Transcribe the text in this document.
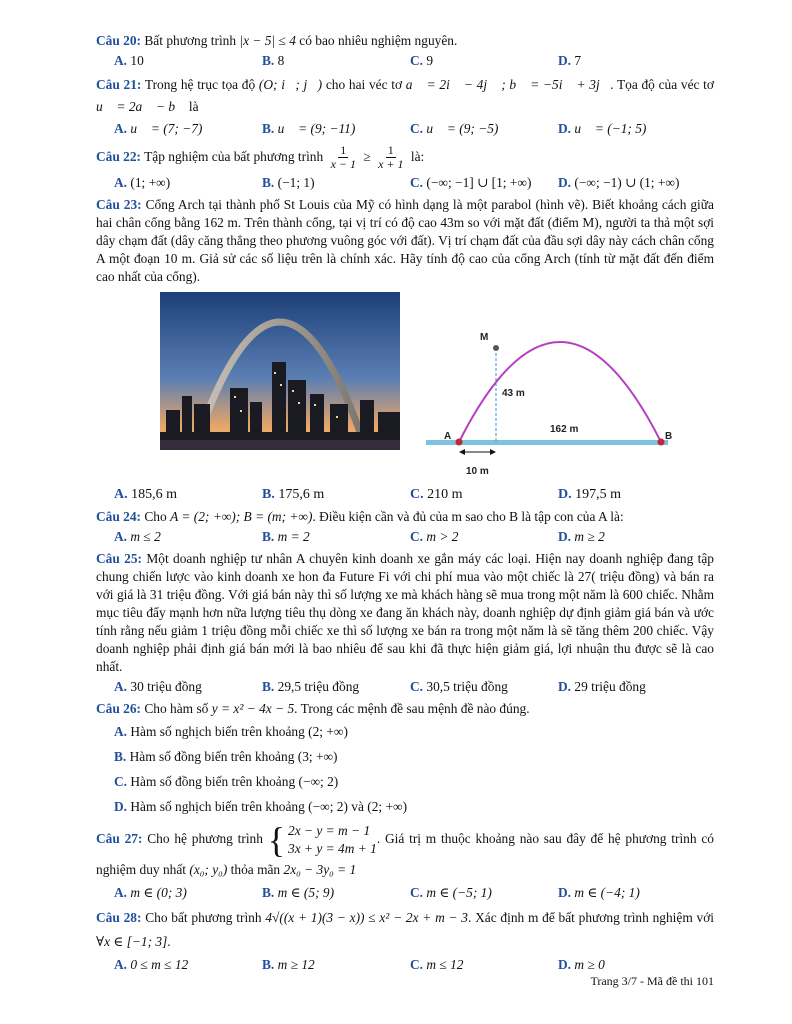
Câu 20: Bất phương trình |x − 5| ≤ 4 có bao nhiêu nghiệm nguyên.

A. 10	B. 8	C. 9	D. 7

Câu 21: Trong hệ trục tọa độ (O; i⃗; j⃗) cho hai véc tơ a⃗ = 2i⃗ − 4j⃗ ; b⃗ = −5i⃗ + 3j⃗. Tọa độ của véc tơ u⃗ = 2a⃗ − b⃗ là

A. u⃗ = (7; −7)	B. u⃗ = (9; −11)	C. u⃗ = (9; −5)	D. u⃗ = (−1; 5)

Câu 22: Tập nghiệm của bất phương trình $\frac{1}{x - 1} \ge \frac{1}{x + 1}$ là:

A. (1; +∞)	B. (−1; 1)	C. (−∞; −1] ∪ [1; +∞)	D. (−∞; −1) ∪ (1; +∞)

Câu 23: Cổng Arch tại thành phố St Louis của Mỹ có hình dạng là một parabol (hình vẽ). Biết khoảng cách giữa hai chân cổng bằng 162 m. Trên thành cổng, tại vị trí có độ cao 43m so với mặt đất (điểm M), người ta thả một sợi dây chạm đất (dây căng thẳng theo phương vuông góc với đất). Vị trí chạm đất của đầu sợi dây này cách chân cổng A một đoạn 10 m. Giả sử các số liệu trên là chính xác. Hãy tính độ cao của cổng Arch (tính từ mặt đất đến điểm cao nhất của cổng).

M
A	B
43 m
162 m
10 m
A. 185,6 m	B. 175,6 m	C. 210 m	D. 197,5 m

Câu 24: Cho A = (2; +∞); B = (m; +∞). Điều kiện cần và đủ của m sao cho B là tập con của A là:

A. m ≤ 2	B. m = 2	C. m > 2	D. m ≥ 2

Câu 25: Một doanh nghiệp tư nhân A chuyên kinh doanh xe gắn máy các loại. Hiện nay doanh nghiệp đang tập chung chiến lược vào kinh doanh xe hon đa Future Fi với chi phí mua vào một chiếc là 27( triệu đồng) và bán ra với giá là 31 triệu đồng. Với giá bán này thì số lượng xe mà khách hàng sẽ mua trong một năm là 600 chiếc. Nhằm mục tiêu đẩy mạnh hơn nữa lượng tiêu thụ dòng xe đang ăn khách này, doanh nghiệp dự định giảm giá bán và ước tính rằng nếu giảm 1 triệu đồng mỗi chiếc xe thì số lượng xe bán ra trong một năm là sẽ tăng thêm 200 chiếc. Vậy doanh nghiệp phải định giá bán mới là bao nhiêu để sau khi đã thực hiện giảm giá, lợi nhuận thu được sẽ là cao nhất.

A. 30 triệu đồng	B. 29,5 triệu đồng	C. 30,5 triệu đồng	D. 29 triệu đồng

Câu 26: Cho hàm số y = x² − 4x − 5. Trong các mệnh đề sau mệnh đề nào đúng.

A. Hàm số nghịch biến trên khoảng (2; +∞)
B. Hàm số đồng biến trên khoảng (3; +∞)
C. Hàm số đồng biến trên khoảng (−∞; 2)
D. Hàm số nghịch biến trên khoảng (−∞; 2) và (2; +∞)

Câu 27: Cho hệ phương trình { 2x − y = m − 1
3x + y = 4m + 1
. Giá trị m thuộc khoảng nào sau đây để hệ phương trình có nghiệm duy nhất (x₀; y₀) thỏa mãn 2x₀ − 3y₀ = 1

A. m ∈ (0; 3)	B. m ∈ (5; 9)	C. m ∈ (−5; 1)	D. m ∈ (−4; 1)

Câu 28: Cho bất phương trình 4√((x + 1)(3 − x)) ≤ x² − 2x + m − 3. Xác định m để bất phương trình nghiệm với ∀x ∈ [−1; 3].

A. 0 ≤ m ≤ 12	B. m ≥ 12	C. m ≤ 12	D. m ≥ 0
Trang 3/7 - Mã đề thi 101
